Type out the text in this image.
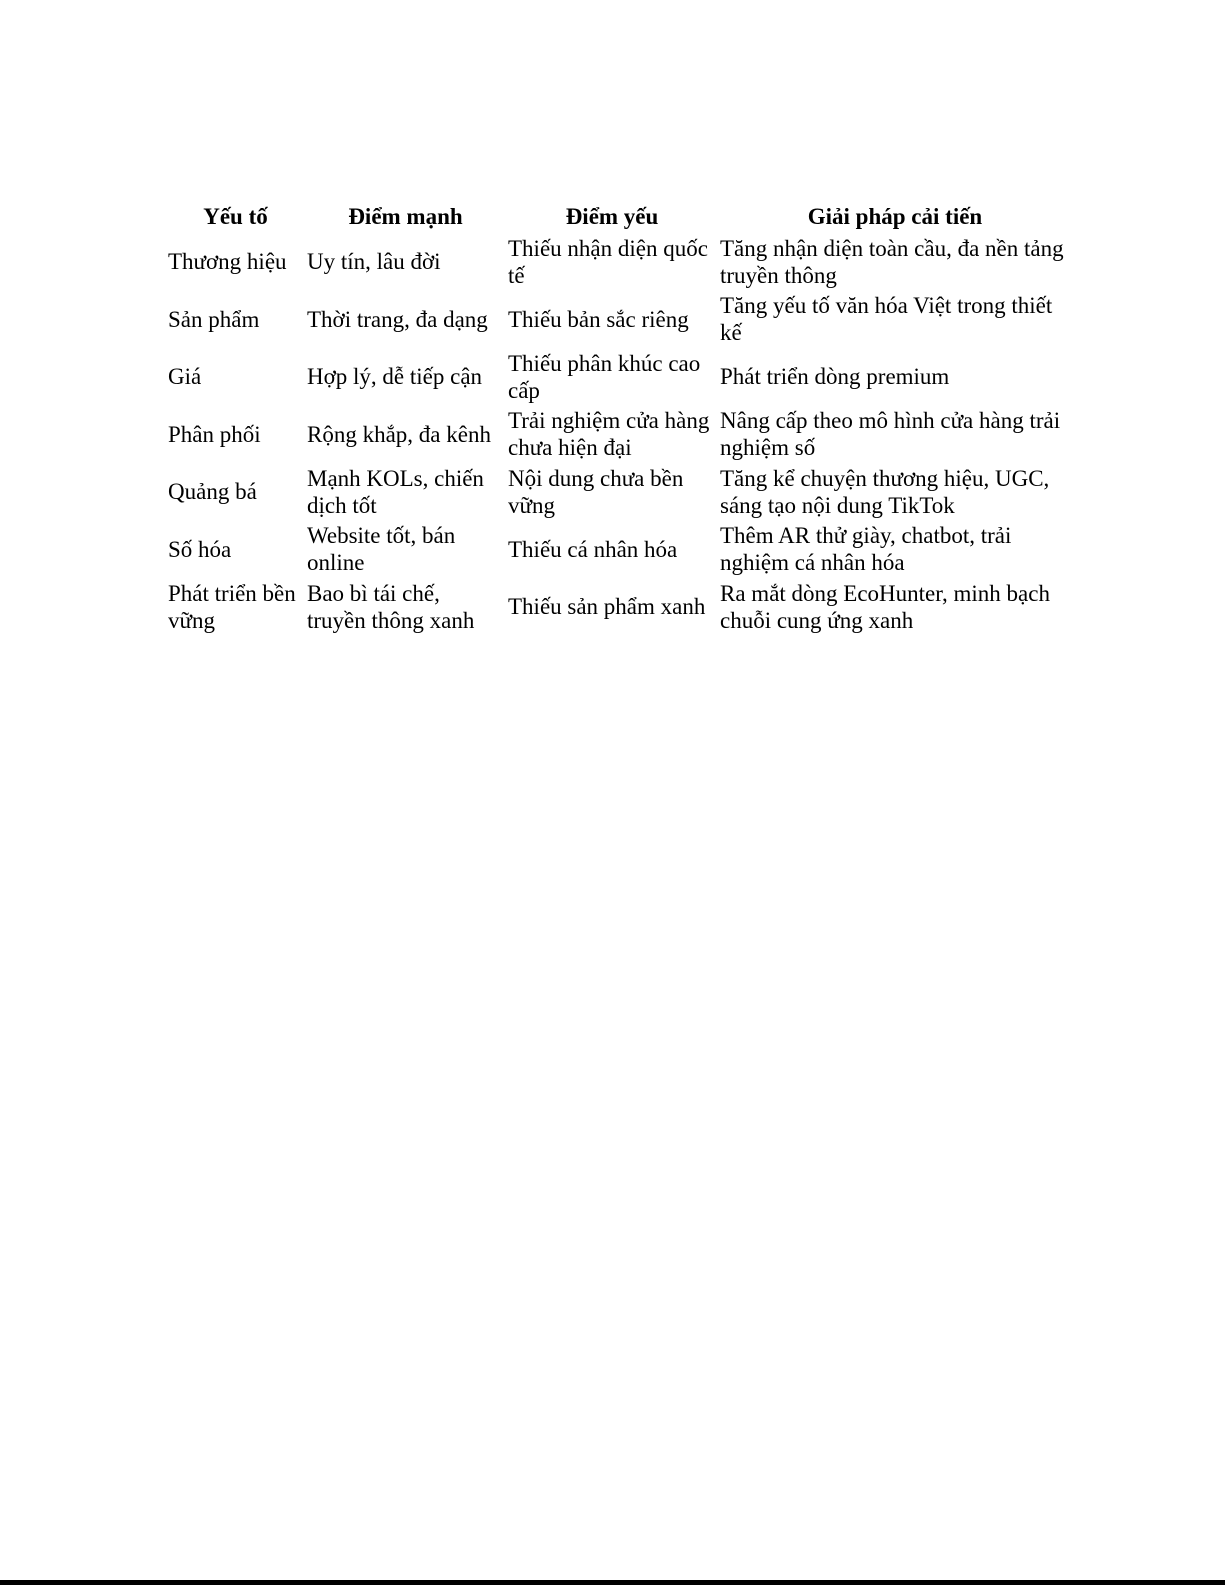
Yếu tố	Điểm mạnh	Điểm yếu	Giải pháp cải tiến
Thương hiệu	Uy tín, lâu đời	Thiếu nhận diện quốc tế	Tăng nhận diện toàn cầu, đa nền tảng truyền thông
Sản phẩm	Thời trang, đa dạng	Thiếu bản sắc riêng	Tăng yếu tố văn hóa Việt trong thiết kế
Giá	Hợp lý, dễ tiếp cận	Thiếu phân khúc cao cấp	Phát triển dòng premium
Phân phối	Rộng khắp, đa kênh	Trải nghiệm cửa hàng chưa hiện đại	Nâng cấp theo mô hình cửa hàng trải nghiệm số
Quảng bá	Mạnh KOLs, chiến dịch tốt	Nội dung chưa bền vững	Tăng kể chuyện thương hiệu, UGC, sáng tạo nội dung TikTok
Số hóa	Website tốt, bán online	Thiếu cá nhân hóa	Thêm AR thử giày, chatbot, trải nghiệm cá nhân hóa
Phát triển bền vững	Bao bì tái chế, truyền thông xanh	Thiếu sản phẩm xanh	Ra mắt dòng EcoHunter, minh bạch chuỗi cung ứng xanh
